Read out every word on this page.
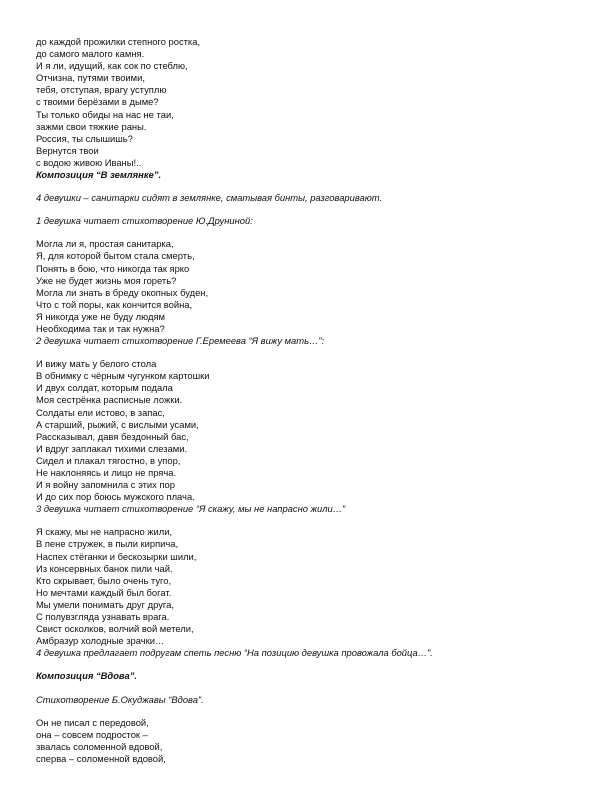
до каждой прожилки степного ростка,
до самого малого камня.
И я ли, идущий, как сок по стеблю,
Отчизна, путями твоими,
тебя, отступая, врагу уступлю
с твоими берёзами в дыме?
Ты только обиды на нас не таи,
зажми свои тяжкие раны.
Россия, ты слышишь?
Вернутся твои
с водою живою Иваны!..
Композиция “В землянке”.
4 девушки – санитарки сидят в землянке, сматывая бинты, разговаривают.
1 девушка читает стихотворение Ю.Друниной:
Могла ли я, простая санитарка,
Я, для которой бытом стала смерть,
Понять в бою, что никогда так ярко
Уже не будет жизнь моя гореть?
Могла ли знать в бреду окопных буден,
Что с той поры, как кончится война,
Я никогда уже не буду людям
Необходима так и так нужна?
2 девушка читает стихотворение Г.Еремеева “Я вижу мать…”:
И вижу мать у белого стола
В обнимку с чёрным чугунком картошки
И двух солдат, которым подала
Моя сестрёнка расписные ложки.
Солдаты ели истово, в запас,
А старший, рыжий, с вислыми усами,
Рассказывал, давя бездонный бас,
И вдруг заплакал тихими слезами.
Сидел и плакал тягостно, в упор,
Не наклоняясь и лицо не пряча.
И я войну запомнила с этих пор
И до сих пор боюсь мужского плача.
3 девушка читает стихотворение “Я скажу, мы не напрасно жили…”
Я скажу, мы не напрасно жили,
В пене стружек, в пыли кирпича,
Наспех стёганки и бескозырки шили,
Из консервных банок пили чай.
Кто скрывает, было очень туго,
Но мечтами каждый был богат.
Мы умели понимать друг друга,
С полувзгляда узнавать врага.
Свист осколков, волчий вой метели,
Амбразур холодные зрачки…
4 девушка предлагает подругам спеть песню “На позицию девушка провожала бойца…”.
Композиция “Вдова”.
Стихотворение Б.Окуджавы “Вдова”.
Он не писал с передовой,
она – совсем подросток –
звалась соломенной вдовой,
сперва – соломенной вдовой,
